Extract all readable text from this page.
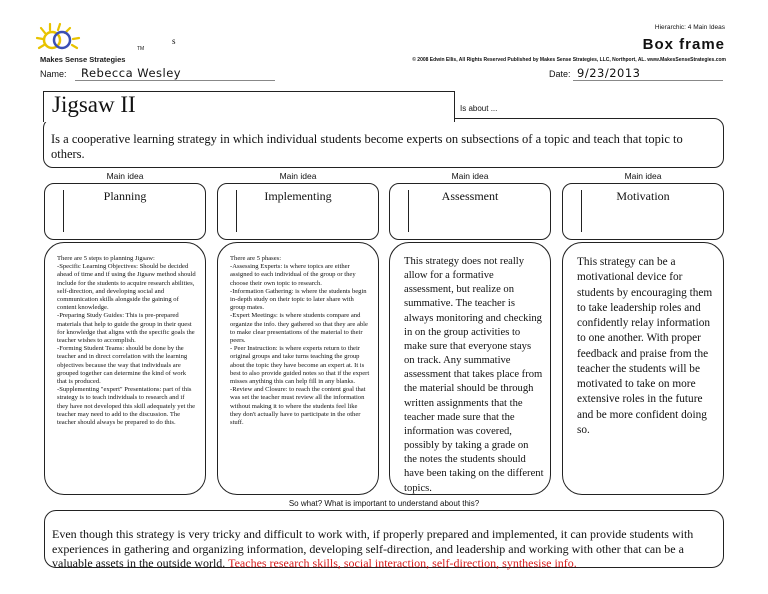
Makes Sense Strategies
TM
s
Hierarchic: 4 Main Ideas
Box frame
© 2008 Edwin Ellis, All Rights Reserved Published by Makes Sense Strategies, LLC, Northport, AL. www.MakesSenseStrategies.com
Name: Rebecca Wesley	Date: 9/23/2013
Jigsaw II	Is about ...
Is a cooperative learning strategy in which individual students become experts on subsections of a topic and teach that topic to others.
Main idea
Planning
There are 5 steps to planning Jigsaw:
-Specific Learning Objectives: Should be decided ahead of time and if using the Jigsaw method should include for the students to acquire research abilities, self-direction, and developing social and communication skills alongside the gaining of content knowledge.
-Preparing Study Guides: This is pre-prepared materials that help to guide the group in their quest for knowledge that aligns with the specific goals the teacher wishes to accomplish.
-Forming Student Teams: should be done by the teacher and in direct correlation with the learning objectives because the way that individuals are grouped together can determine the kind of work that is produced.
-Supplementing "expert" Presentations: part of this strategy is to teach individuals to research and if they have not developed this skill adequately yet the teacher may need to add to the discussion. The teacher should always be prepared to do this.
Main idea
Implementing
There are 5 phases:
-Assessing Experts: is where topics are either assigned to each individual of the group or they choose their own topic to research.
-Information Gathering: is where the students begin in-depth study on their topic to later share with group mates.
-Expert Meetings: is where students compare and organize the info. they gathered so that they are able to make clear presentations of the material to their peers.
- Peer Instruction: is where experts return to their original groups and take turns teaching the group about the topic they have become an expert at. It is best to also provide guided notes so that if the expert misses anything this can help fill in any blanks.
-Review and Closure: to reach the content goal that was set the teacher must review all the information without making it to where the students feel like they don't actually have to participate in the other stuff.
Main idea
Assessment
This strategy does not really allow for a formative assessment, but realize on summative. The teacher is always monitoring and checking in on the group activities to make sure that everyone stays on track. Any summative assessment that takes place from the material should be through written assignments that the teacher made sure that the information was covered, possibly by taking a grade on the notes the students should have been taking on the different topics.
Main idea
Motivation
This strategy can be a motivational device for students by encouraging them to take leadership roles and confidently relay information to one another. With proper feedback and praise from the teacher the students will be motivated to take on more extensive roles in the future and be more confident doing so.
So what? What is important to understand about this?
Even though this strategy is very tricky and difficult to work with, if properly prepared and implemented, it can provide students with experiences in gathering and organizing information, developing self-direction, and leadership and working with other that can be a valuable assets in the outside world. Teaches research skills, social interaction, self-direction, synthesise info.
